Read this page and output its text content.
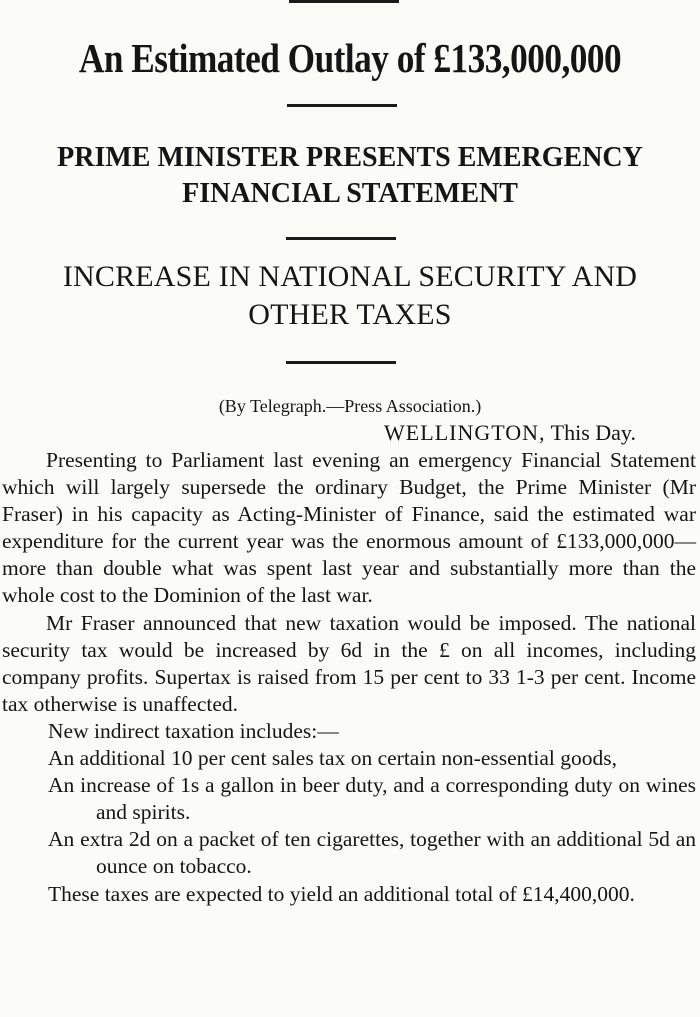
An Estimated Outlay of £133,000,000
PRIME MINISTER PRESENTS EMERGENCY
FINANCIAL STATEMENT
INCREASE IN NATIONAL SECURITY AND
OTHER TAXES
(By Telegraph.—Press Association.)
WELLINGTON, This Day.

Presenting to Parliament last evening an emergency Financial Statement which will largely supersede the ordinary Budget, the Prime Minister (Mr Fraser) in his capacity as Acting-Minister of Finance, said the estimated war expenditure for the current year was the enormous amount of £133,000,000—more than double what was spent last year and substantially more than the whole cost to the Dominion of the last war.

Mr Fraser announced that new taxation would be imposed. The national security tax would be increased by 6d in the £ on all incomes, including company profits. Supertax is raised from 15 per cent to 33 1-3 per cent. Income tax otherwise is unaffected.

New indirect taxation includes:—

An additional 10 per cent sales tax on certain non-essential goods,

An increase of 1s a gallon in beer duty, and a corresponding duty on wines and spirits.

An extra 2d on a packet of ten cigarettes, together with an additional 5d an ounce on tobacco.

These taxes are expected to yield an additional total of £14,400,000.
